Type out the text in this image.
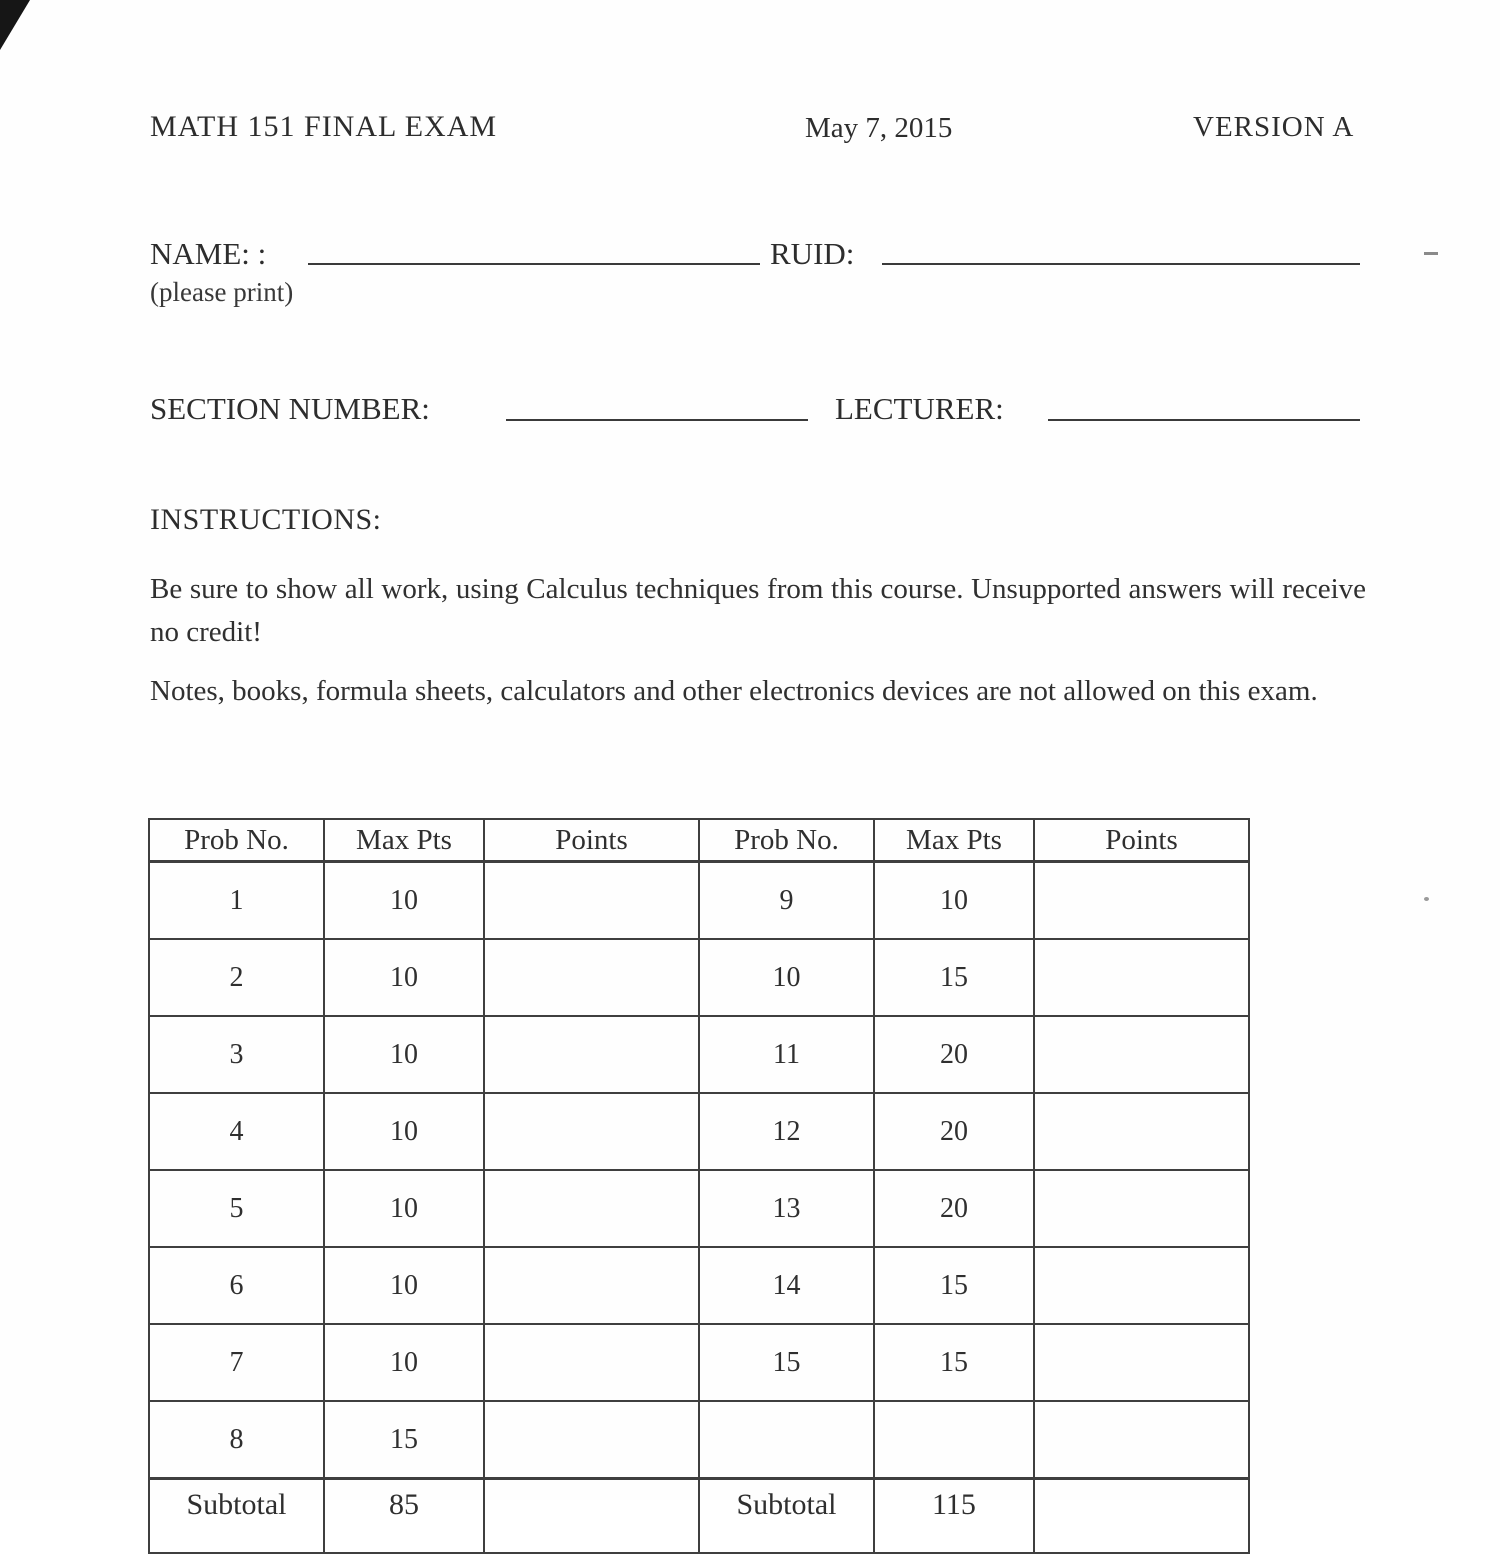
MATH 151 FINAL EXAM	May 7, 2015	VERSION A
NAME: :	RUID:
(please print)
SECTION NUMBER:	LECTURER:
INSTRUCTIONS:
Be sure to show all work, using Calculus techniques from this course. Unsupported answers will receive no credit!
Notes, books, formula sheets, calculators and other electronics devices are not allowed on this exam.
Prob No.	Max Pts	Points	Prob No.	Max Pts	Points
1	10		9	10	
2	10		10	15	
3	10		11	20	
4	10		12	20	
5	10		13	20	
6	10		14	15	
7	10		15	15	
8	15				
Subtotal	85		Subtotal	115	
